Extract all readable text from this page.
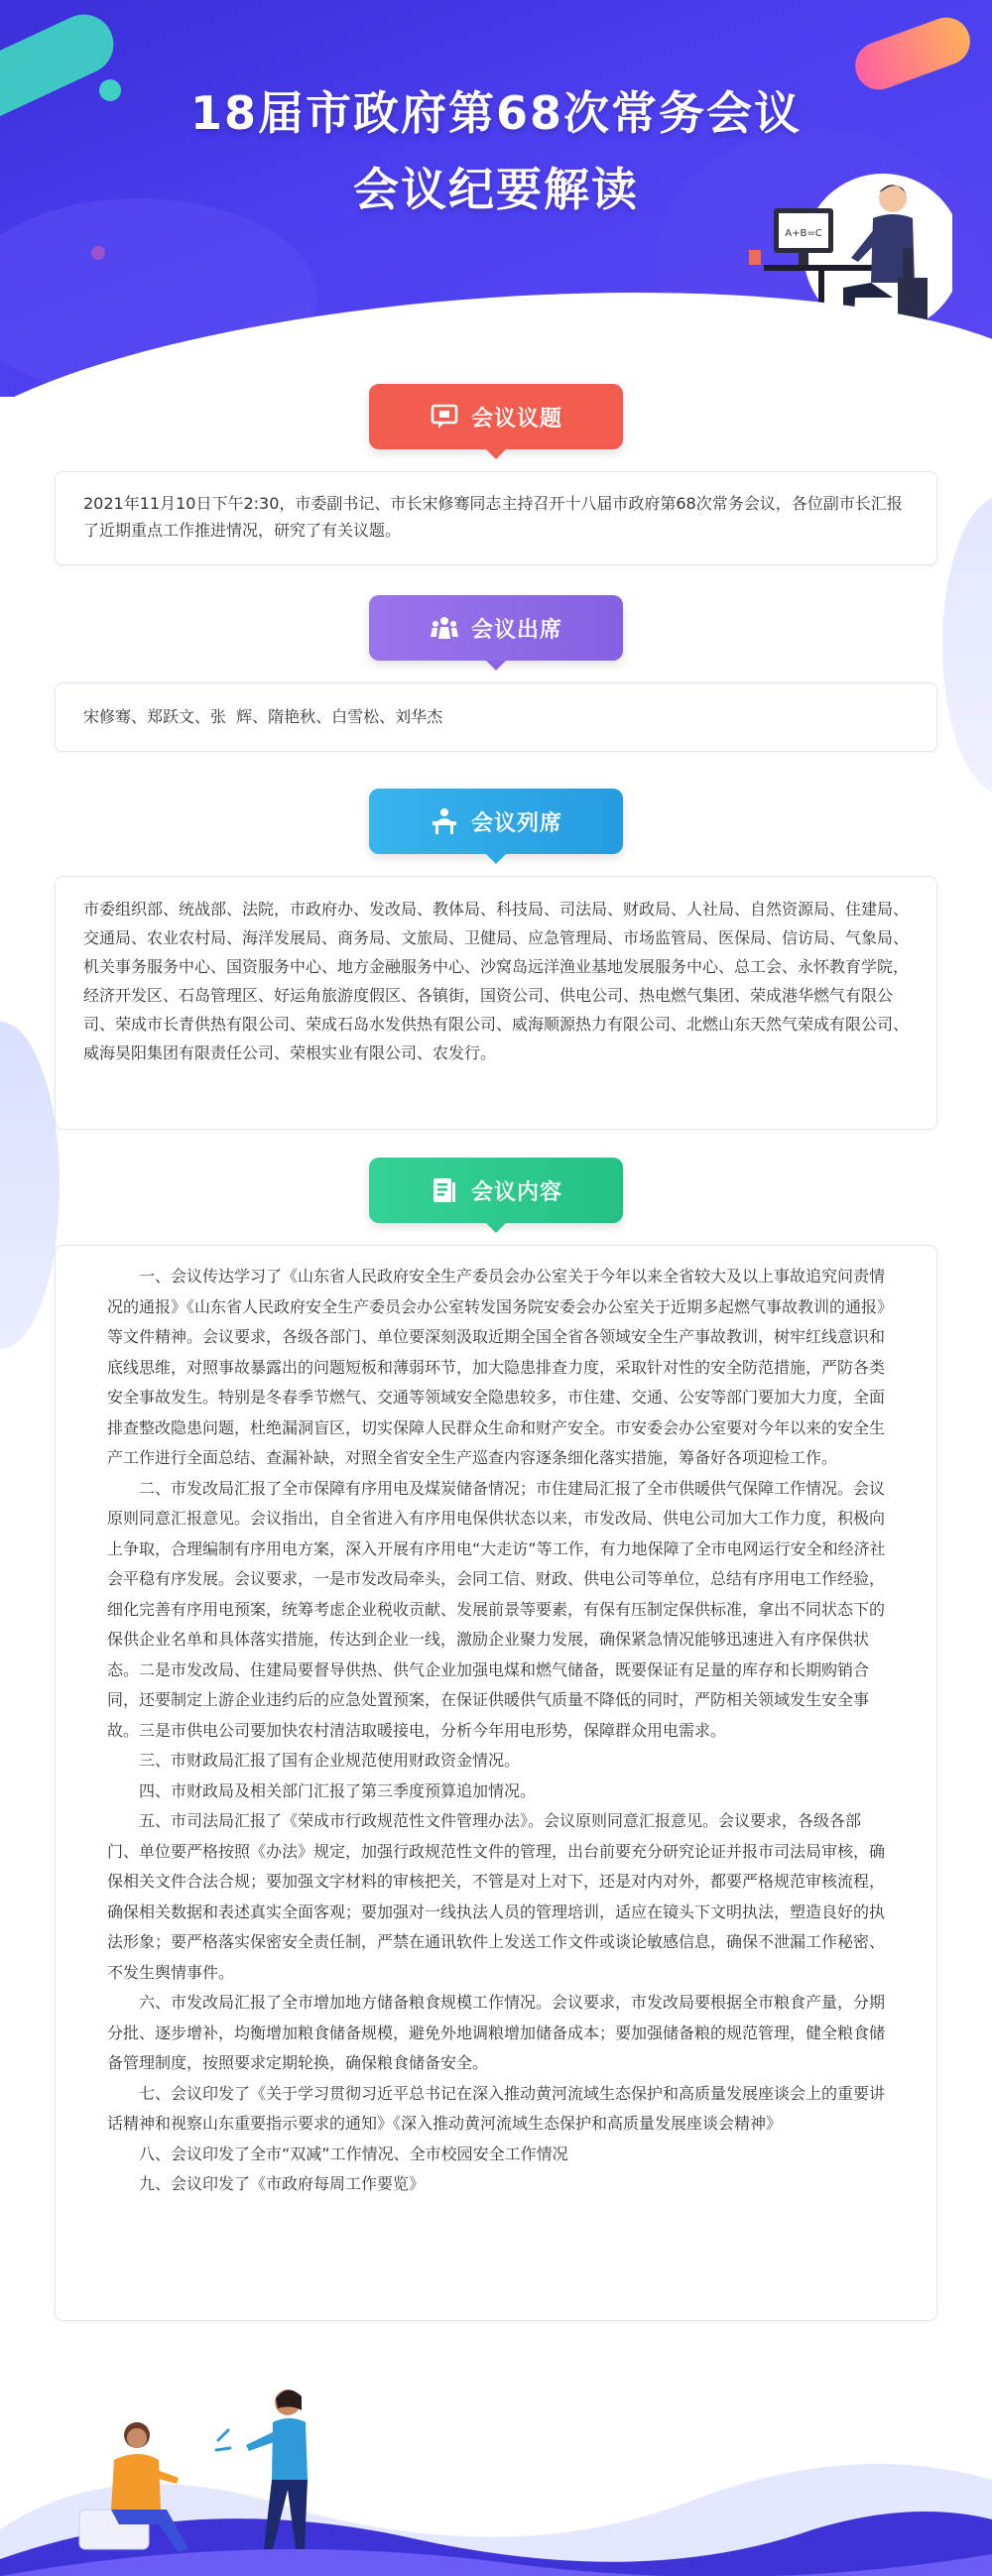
18届市政府第68次常务会议
会议纪要解读
A+B=C
会议议题
2021年11月10日下午2:30，市委副书记、市长宋修骞同志主持召开十八届市政府第68次常务会议，各位副市长汇报了近期重点工作推进情况，研究了有关议题。
会议出席
宋修骞、郑跃文、张  辉、隋艳秋、白雪松、刘华杰
会议列席
市委组织部、统战部、法院，市政府办、发改局、教体局、科技局、司法局、财政局、人社局、自然资源局、住建局、交通局、农业农村局、海洋发展局、商务局、文旅局、卫健局、应急管理局、市场监管局、医保局、信访局、气象局、机关事务服务中心、国资服务中心、地方金融服务中心、沙窝岛远洋渔业基地发展服务中心、总工会、永怀教育学院，经济开发区、石岛管理区、好运角旅游度假区、各镇街，国资公司、供电公司、热电燃气集团、荣成港华燃气有限公司、荣成市长青供热有限公司、荣成石岛水发供热有限公司、威海顺源热力有限公司、北燃山东天然气荣成有限公司、威海昊阳集团有限责任公司、荣根实业有限公司、农发行。
会议内容

一、会议传达学习了《山东省人民政府安全生产委员会办公室关于今年以来全省较大及以上事故追究问责情况的通报》《山东省人民政府安全生产委员会办公室转发国务院安委会办公室关于近期多起燃气事故教训的通报》等文件精神。会议要求，各级各部门、单位要深刻汲取近期全国全省各领域安全生产事故教训，树牢红线意识和底线思维，对照事故暴露出的问题短板和薄弱环节，加大隐患排查力度，采取针对性的安全防范措施，严防各类安全事故发生。特别是冬春季节燃气、交通等领域安全隐患较多，市住建、交通、公安等部门要加大力度，全面排查整改隐患问题，杜绝漏洞盲区，切实保障人民群众生命和财产安全。市安委会办公室要对今年以来的安全生产工作进行全面总结、查漏补缺，对照全省安全生产巡查内容逐条细化落实措施，筹备好各项迎检工作。

二、市发改局汇报了全市保障有序用电及煤炭储备情况；市住建局汇报了全市供暖供气保障工作情况。会议原则同意汇报意见。会议指出，自全省进入有序用电保供状态以来，市发改局、供电公司加大工作力度，积极向上争取，合理编制有序用电方案，深入开展有序用电“大走访”等工作，有力地保障了全市电网运行安全和经济社会平稳有序发展。会议要求，一是市发改局牵头，会同工信、财政、供电公司等单位，总结有序用电工作经验，细化完善有序用电预案，统筹考虑企业税收贡献、发展前景等要素，有保有压制定保供标准，拿出不同状态下的保供企业名单和具体落实措施，传达到企业一线，激励企业聚力发展，确保紧急情况能够迅速进入有序保供状态。二是市发改局、住建局要督导供热、供气企业加强电煤和燃气储备，既要保证有足量的库存和长期购销合同，还要制定上游企业违约后的应急处置预案，在保证供暖供气质量不降低的同时，严防相关领域发生安全事故。三是市供电公司要加快农村清洁取暖接电，分析今年用电形势，保障群众用电需求。

三、市财政局汇报了国有企业规范使用财政资金情况。

四、市财政局及相关部门汇报了第三季度预算追加情况。

五、市司法局汇报了《荣成市行政规范性文件管理办法》。会议原则同意汇报意见。会议要求，各级各部门、单位要严格按照《办法》规定，加强行政规范性文件的管理，出台前要充分研究论证并报市司法局审核，确保相关文件合法合规；要加强文字材料的审核把关，不管是对上对下，还是对内对外，都要严格规范审核流程，确保相关数据和表述真实全面客观；要加强对一线执法人员的管理培训，适应在镜头下文明执法，塑造良好的执法形象；要严格落实保密安全责任制，严禁在通讯软件上发送工作文件或谈论敏感信息，确保不泄漏工作秘密、不发生舆情事件。

六、市发改局汇报了全市增加地方储备粮食规模工作情况。会议要求，市发改局要根据全市粮食产量，分期分批、逐步增补，均衡增加粮食储备规模，避免外地调粮增加储备成本；要加强储备粮的规范管理，健全粮食储备管理制度，按照要求定期轮换，确保粮食储备安全。

七、会议印发了《关于学习贯彻习近平总书记在深入推动黄河流域生态保护和高质量发展座谈会上的重要讲话精神和视察山东重要指示要求的通知》《深入推动黄河流域生态保护和高质量发展座谈会精神》

八、会议印发了全市“双减”工作情况、全市校园安全工作情况

九、会议印发了《市政府每周工作要览》
